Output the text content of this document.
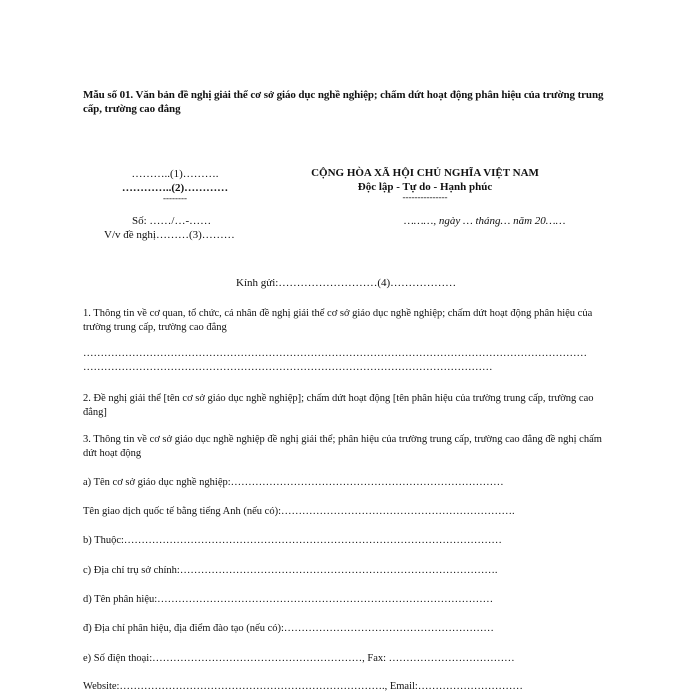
Mẫu số 01. Văn bản đề nghị giải thể cơ sở giáo dục nghề nghiệp; chấm dứt hoạt động phân hiệu của trường trung cấp, trường cao đẳng
………..(1)……….
…………..(2)…………
--------
Số: ……/…-……
V/v đề nghị………(3)………
CỘNG HÒA XÃ HỘI CHỦ NGHĨA VIỆT NAM
Độc lập - Tự do - Hạnh phúc
---------------
………, ngày … tháng… năm 20……
Kính gửi:………………………(4)………………
1. Thông tin về cơ quan, tổ chức, cá nhân đề nghị giải thể cơ sở giáo dục nghề nghiệp; chấm dứt hoạt động phân hiệu của trường trung cấp, trường cao đẳng
………………………………………………………………………………………………………………………………
………………………………………………………………………………………………………
2. Đề nghị giải thể [tên cơ sở giáo dục nghề nghiệp]; chấm dứt hoạt động [tên phân hiệu của trường trung cấp, trường cao đẳng]
3. Thông tin về cơ sở giáo dục nghề nghiệp đề nghị giải thể; phân hiệu của trường trung cấp, trường cao đẳng đề nghị chấm dứt hoạt động
a) Tên cơ sở giáo dục nghề nghiệp:……………………………………………………………………
Tên giao dịch quốc tế bằng tiếng Anh (nếu có):………………………………………………………….
b) Thuộc:………………………………………………………………………………………………
c) Địa chỉ trụ sở chính:……………………………………………………………………………….
d) Tên phân hiệu:……………………………………………………………………………………
đ) Địa chỉ phân hiệu, địa điểm đào tạo (nếu có):……………………………………………………
e) Số điện thoại:……………………………………………………, Fax: ………………………………
Website:…………………………………………………………………., Email:…………………………
